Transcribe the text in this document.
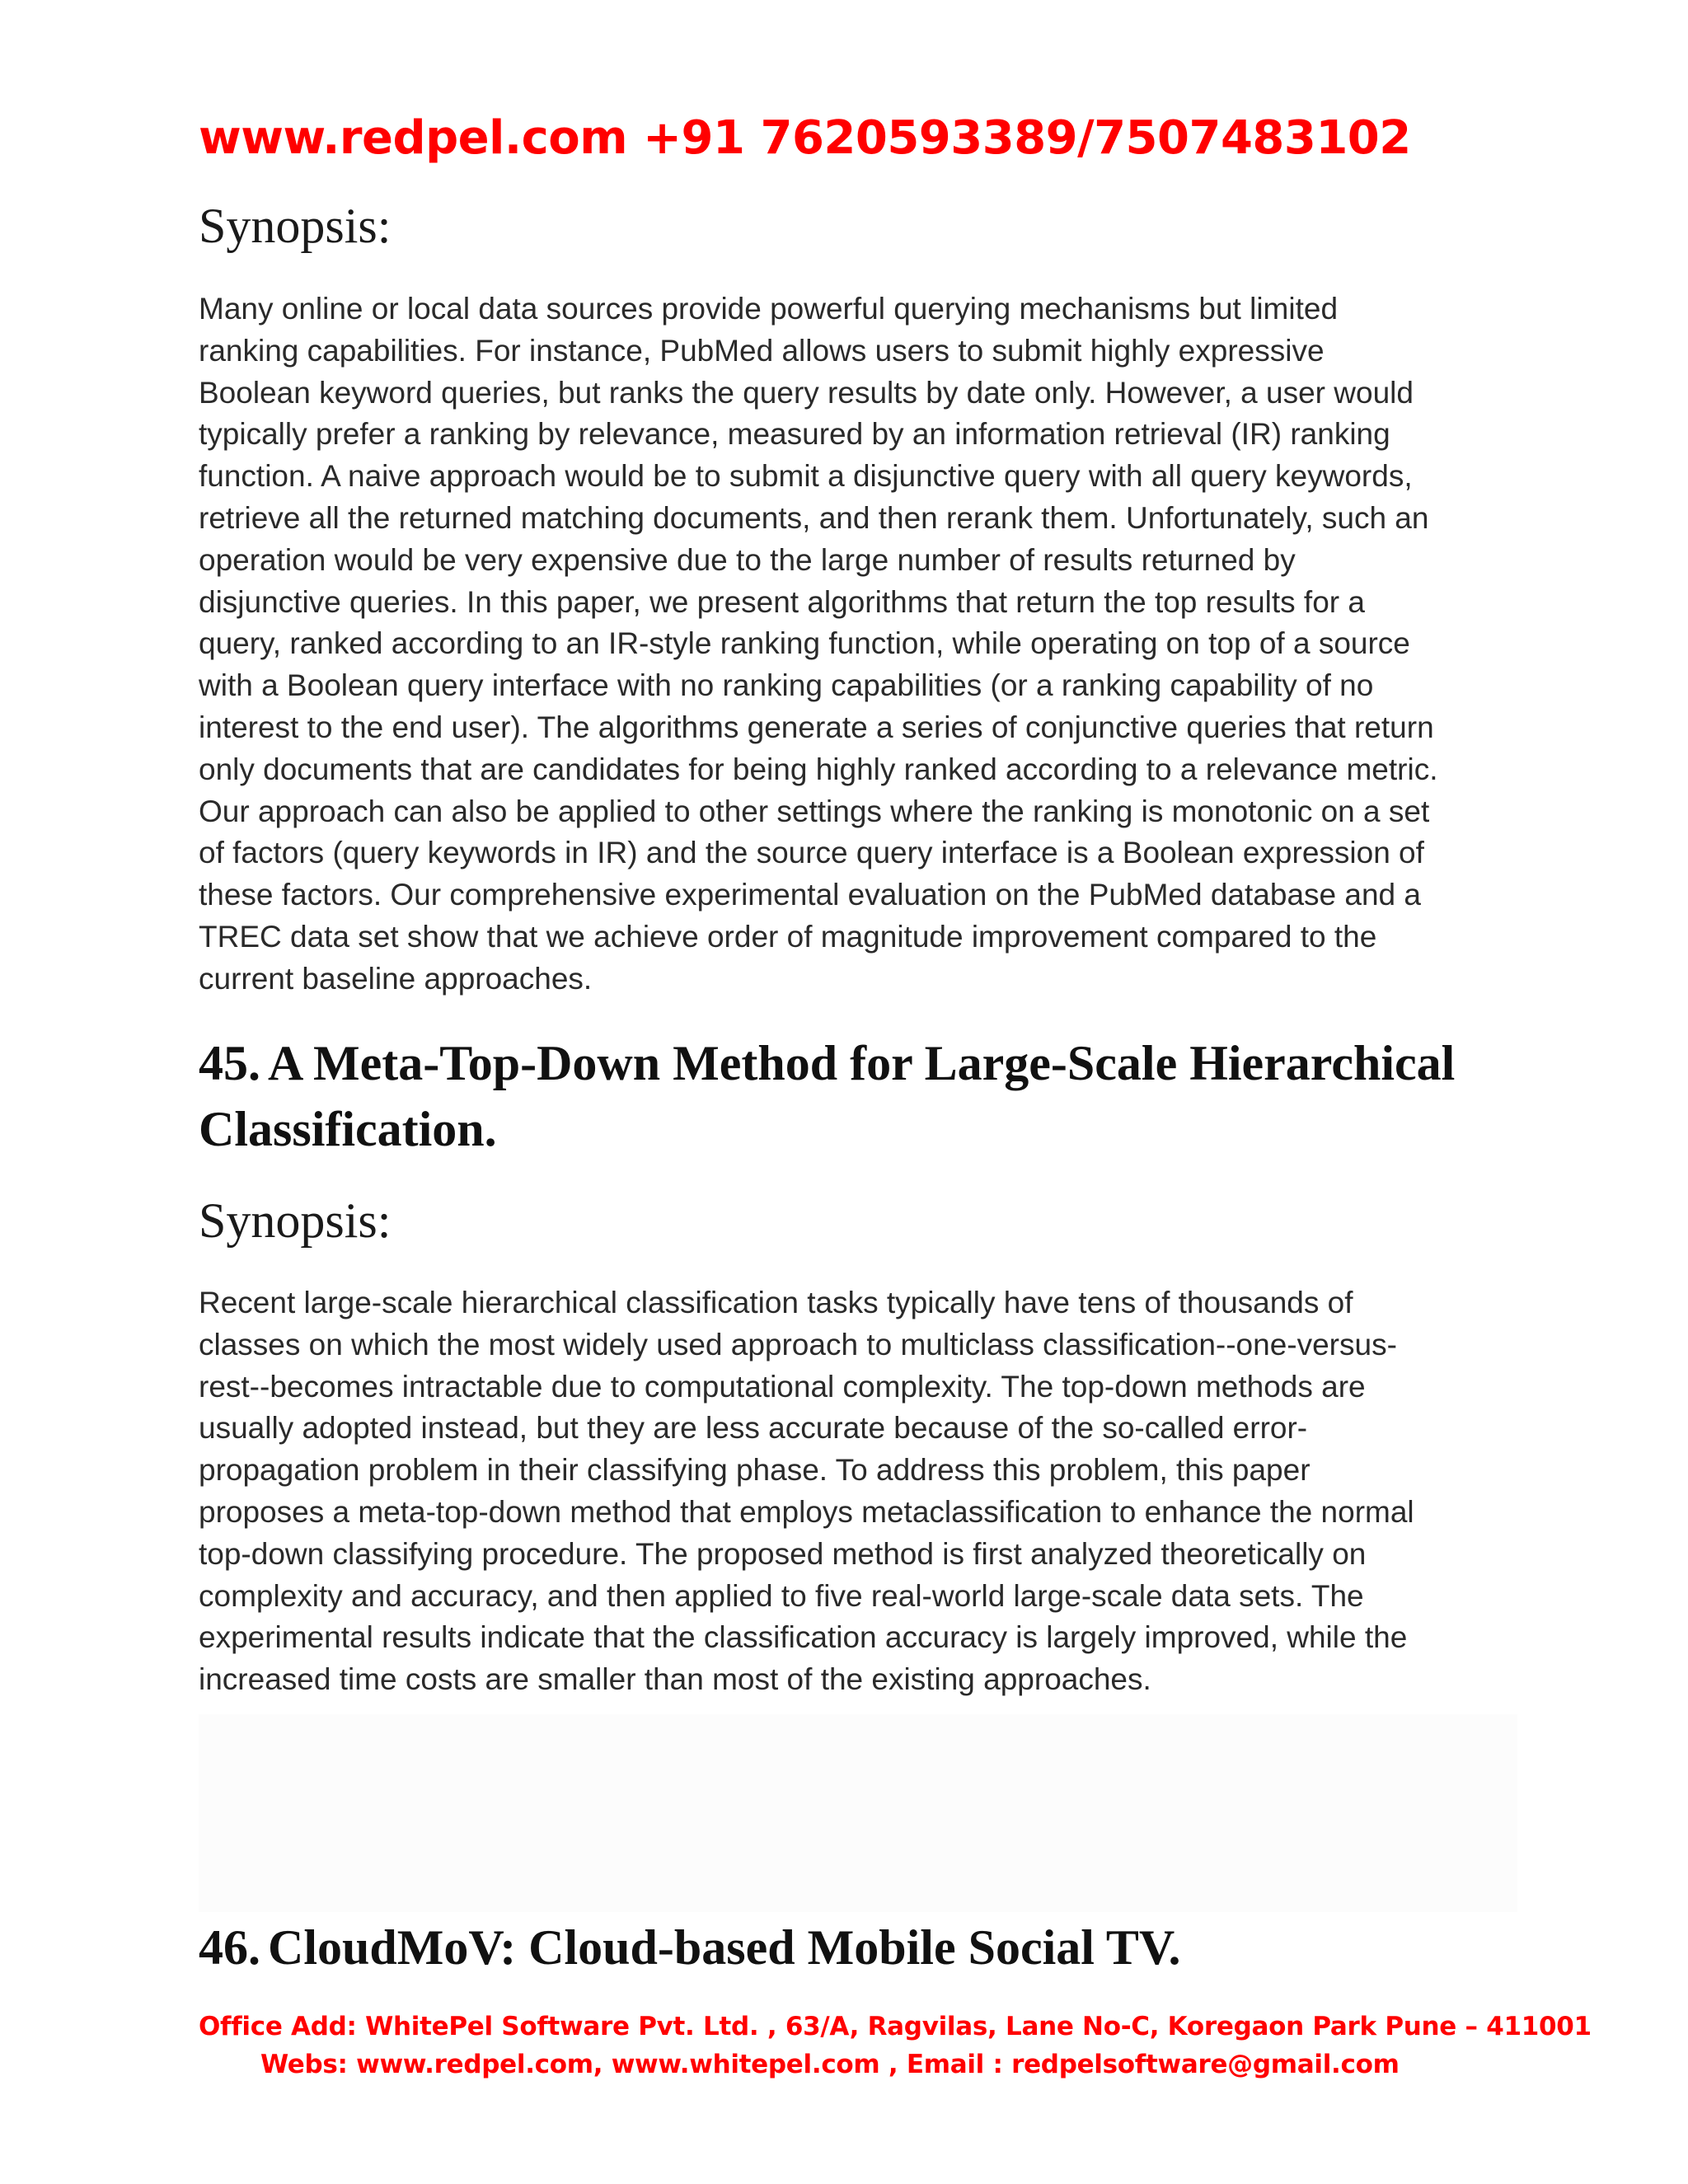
www.redpel.com +91 7620593389/7507483102
Synopsis:

Many online or local data sources provide powerful querying mechanisms but limited
ranking capabilities. For instance, PubMed allows users to submit highly expressive
Boolean keyword queries, but ranks the query results by date only. However, a user would
typically prefer a ranking by relevance, measured by an information retrieval (IR) ranking
function. A naive approach would be to submit a disjunctive query with all query keywords,
retrieve all the returned matching documents, and then rerank them. Unfortunately, such an
operation would be very expensive due to the large number of results returned by
disjunctive queries. In this paper, we present algorithms that return the top results for a
query, ranked according to an IR-style ranking function, while operating on top of a source
with a Boolean query interface with no ranking capabilities (or a ranking capability of no
interest to the end user). The algorithms generate a series of conjunctive queries that return
only documents that are candidates for being highly ranked according to a relevance metric.
Our approach can also be applied to other settings where the ranking is monotonic on a set
of factors (query keywords in IR) and the source query interface is a Boolean expression of
these factors. Our comprehensive experimental evaluation on the PubMed database and a
TREC data set show that we achieve order of magnitude improvement compared to the
current baseline approaches.

45. A Meta-Top-Down Method for Large-Scale Hierarchical
Classification.
Synopsis:

Recent large-scale hierarchical classification tasks typically have tens of thousands of
classes on which the most widely used approach to multiclass classification--one-versus-
rest--becomes intractable due to computational complexity. The top-down methods are
usually adopted instead, but they are less accurate because of the so-called error-
propagation problem in their classifying phase. To address this problem, this paper
proposes a meta-top-down method that employs metaclassification to enhance the normal
top-down classifying procedure. The proposed method is first analyzed theoretically on
complexity and accuracy, and then applied to five real-world large-scale data sets. The
experimental results indicate that the classification accuracy is largely improved, while the
increased time costs are smaller than most of the existing approaches.

46. CloudMoV: Cloud-based Mobile Social TV.
Office Add: WhitePel Software Pvt. Ltd. , 63/A, Ragvilas, Lane No-C, Koregaon Park Pune – 411001
Webs: www.redpel.com, www.whitepel.com , Email : redpelsoftware@gmail.com
